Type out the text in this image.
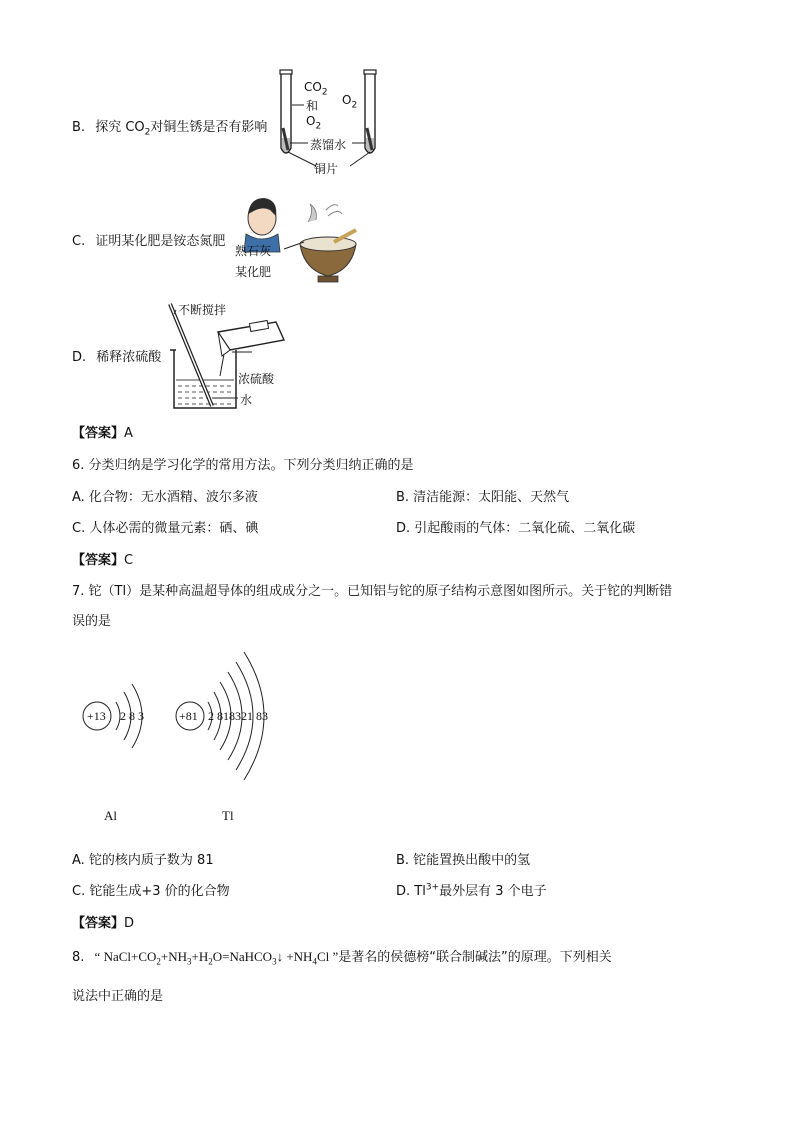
B. 探究 $CO_2$对铜生锈是否有影响
$CO_2$
和
$O_2$
$O_2$
蒸馏水
铜片
C. 证明某化肥是铵态氮肥
熟石灰
某化肥
D. 稀释浓硫酸
不断搅拌
浓硫酸
水
【答案】A
6. 分类归纳是学习化学的常用方法。下列分类归纳正确的是
A. 化合物：无水酒精、波尔多液	B. 清洁能源：太阳能、天然气
C. 人体必需的微量元素：硒、碘	D. 引起酸雨的气体：二氧化硫、二氧化碳
【答案】C
7. 铊（Tl）是某种高温超导体的组成成分之一。已知铝与铊的原子结构示意图如图所示。关于铊的判断错
误的是
+13 2 8 3	+81 2 818321 83
Al	Tl
A. 铊的核内质子数为 81	B. 铊能置换出酸中的氢
C. 铊能生成+3 价的化合物	D. $Tl^{3+}$最外层有 3 个电子
【答案】D
8. “ $NaCl+CO_2+NH_3+H_2O=NaHCO_3↓ +NH_4Cl$ ”是著名的侯德榜“联合制碱法”的原理。下列相关
说法中正确的是
